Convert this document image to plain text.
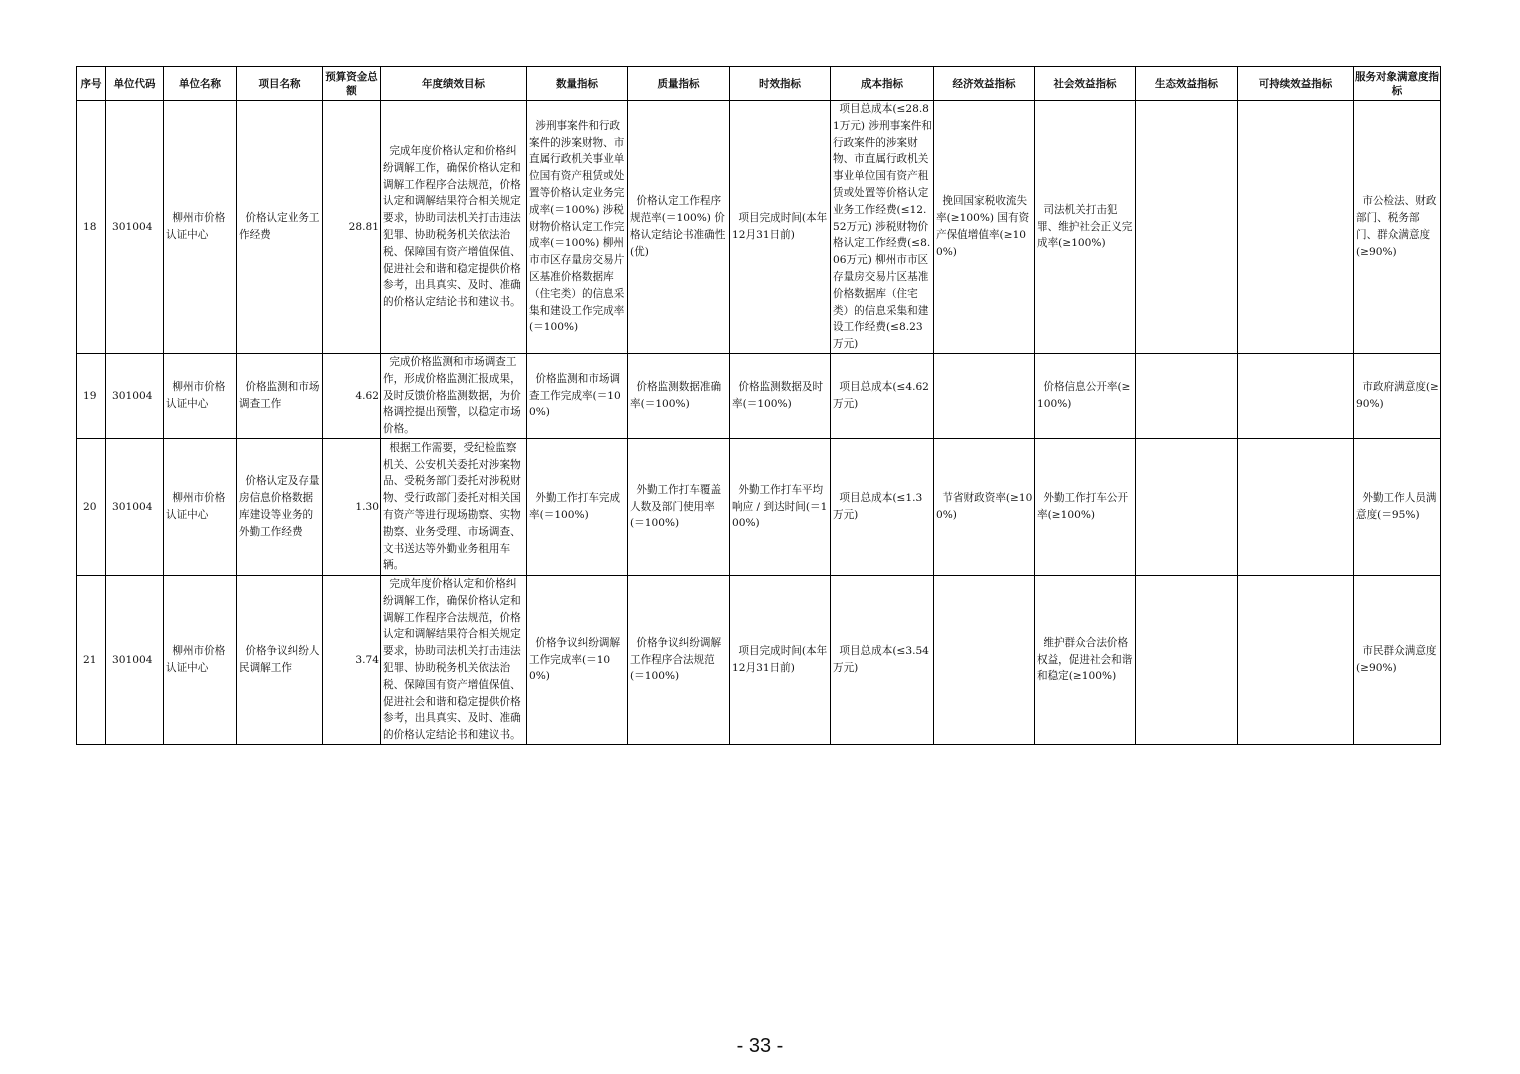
序号	单位代码	单位名称	项目名称	预算资金总额	年度绩效目标	数量指标	质量指标	时效指标	成本指标	经济效益指标	社会效益指标	生态效益指标	可持续效益指标	服务对象满意度指标
18	301004	柳州市价格认证中心	价格认定业务工作经费	28.81	完成年度价格认定和价格纠纷调解工作，确保价格认定和调解工作程序合法规范，价格认定和调解结果符合相关规定要求，协助司法机关打击违法犯罪、协助税务机关依法治税、保障国有资产增值保值、促进社会和谐和稳定提供价格参考，出具真实、及时、准确的价格认定结论书和建议书。	涉刑事案件和行政案件的涉案财物、市直属行政机关事业单位国有资产租赁或处置等价格认定业务完成率(＝100%) 涉税财物价格认定工作完成率(＝100%) 柳州市市区存量房交易片区基准价格数据库（住宅类）的信息采集和建设工作完成率(＝100%)	价格认定工作程序规范率(＝100%) 价格认定结论书准确性(优)	项目完成时间(本年12月31日前)	项目总成本(≤28.81万元) 涉刑事案件和行政案件的涉案财物、市直属行政机关事业单位国有资产租赁或处置等价格认定业务工作经费(≤12.52万元) 涉税财物价格认定工作经费(≤8.06万元) 柳州市市区存量房交易片区基准价格数据库（住宅类）的信息采集和建设工作经费(≤8.23万元)	挽回国家税收流失率(≥100%) 国有资产保值增值率(≥100%)	司法机关打击犯罪、维护社会正义完成率(≥100%)			市公检法、财政部门、税务部门、群众满意度(≥90%)
19	301004	柳州市价格认证中心	价格监测和市场调查工作	4.62	完成价格监测和市场调查工作，形成价格监测汇报成果，及时反馈价格监测数据，为价格调控提出预警，以稳定市场价格。	价格监测和市场调查工作完成率(＝100%)	价格监测数据准确率(＝100%)	价格监测数据及时率(＝100%)	项目总成本(≤4.62万元)		价格信息公开率(≥100%)			市政府满意度(≥90%)
20	301004	柳州市价格认证中心	价格认定及存量房信息价格数据库建设等业务的外勤工作经费	1.30	根据工作需要，受纪检监察机关、公安机关委托对涉案物品、受税务部门委托对涉税财物、受行政部门委托对相关国有资产等进行现场勘察、实物勘察、业务受理、市场调查、文书送达等外勤业务租用车辆。	外勤工作打车完成率(＝100%)	外勤工作打车覆盖人数及部门使用率(＝100%)	外勤工作打车平均响应 / 到达时间(＝100%)	项目总成本(≤1.3万元)	节省财政资率(≥100%)	外勤工作打车公开率(≥100%)			外勤工作人员满意度(＝95%)
21	301004	柳州市价格认证中心	价格争议纠纷人民调解工作	3.74	完成年度价格认定和价格纠纷调解工作，确保价格认定和调解工作程序合法规范，价格认定和调解结果符合相关规定要求，协助司法机关打击违法犯罪、协助税务机关依法治税、保障国有资产增值保值、促进社会和谐和稳定提供价格参考，出具真实、及时、准确的价格认定结论书和建议书。	价格争议纠纷调解工作完成率(＝100%)	价格争议纠纷调解工作程序合法规范(＝100%)	项目完成时间(本年12月31日前)	项目总成本(≤3.54万元)		维护群众合法价格权益，促进社会和谐和稳定(≥100%)			市民群众满意度(≥90%)
- 33 -
